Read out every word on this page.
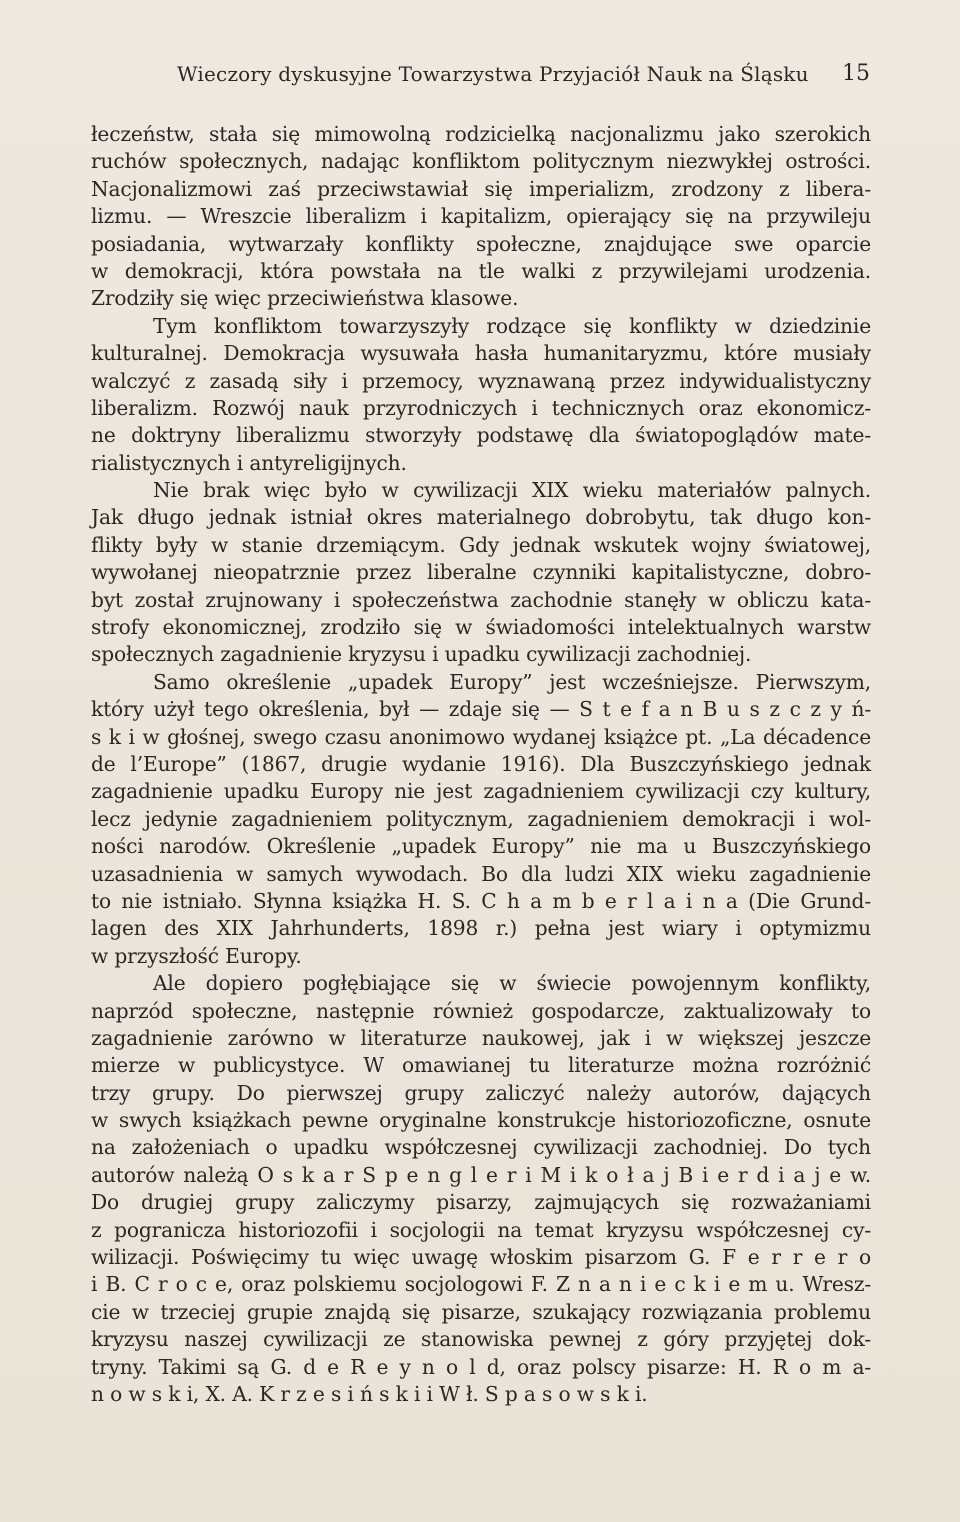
Wieczory dyskusyjne Towarzystwa Przyjaciół Nauk na Śląsku 15
łeczeństw, stała się mimowolną rodzicielką nacjonalizmu jako szerokich
ruchów społecznych, nadając konfliktom politycznym niezwykłej ostrości.
Nacjonalizmowi zaś przeciwstawiał się imperializm, zrodzony z libera-
lizmu. — Wreszcie liberalizm i kapitalizm, opierający się na przywileju
posiadania, wytwarzały konflikty społeczne, znajdujące swe oparcie
w demokracji, która powstała na tle walki z przywilejami urodzenia.
Zrodziły się więc przeciwieństwa klasowe.
Tym konfliktom towarzyszyły rodzące się konflikty w dziedzinie
kulturalnej. Demokracja wysuwała hasła humanitaryzmu, które musiały
walczyć z zasadą siły i przemocy, wyznawaną przez indywidualistyczny
liberalizm. Rozwój nauk przyrodniczych i technicznych oraz ekonomicz-
ne doktryny liberalizmu stworzyły podstawę dla światopoglądów mate-
rialistycznych i antyreligijnych.
Nie brak więc było w cywilizacji XIX wieku materiałów palnych.
Jak długo jednak istniał okres materialnego dobrobytu, tak długo kon-
flikty były w stanie drzemiącym. Gdy jednak wskutek wojny światowej,
wywołanej nieopatrznie przez liberalne czynniki kapitalistyczne, dobro-
byt został zrujnowany i społeczeństwa zachodnie stanęły w obliczu kata-
strofy ekonomicznej, zrodziło się w świadomości intelektualnych warstw
społecznych zagadnienie kryzysu i upadku cywilizacji zachodniej.
Samo określenie „upadek Europy” jest wcześniejsze. Pierwszym,
który użył tego określenia, był — zdaje się — S t e f a n B u s z c z y ń-
s k i w głośnej, swego czasu anonimowo wydanej książce pt. „La décadence
de l’Europe” (1867, drugie wydanie 1916). Dla Buszczyńskiego jednak
zagadnienie upadku Europy nie jest zagadnieniem cywilizacji czy kultury,
lecz jedynie zagadnieniem politycznym, zagadnieniem demokracji i wol-
ności narodów. Określenie „upadek Europy” nie ma u Buszczyńskiego
uzasadnienia w samych wywodach. Bo dla ludzi XIX wieku zagadnienie
to nie istniało. Słynna książka H. S. C h a m b e r l a i n a (Die Grund-
lagen des XIX Jahrhunderts, 1898 r.) pełna jest wiary i optymizmu
w przyszłość Europy.
Ale dopiero pogłębiające się w świecie powojennym konflikty,
naprzód społeczne, następnie również gospodarcze, zaktualizowały to
zagadnienie zarówno w literaturze naukowej, jak i w większej jeszcze
mierze w publicystyce. W omawianej tu literaturze można rozróżnić
trzy grupy. Do pierwszej grupy zaliczyć należy autorów, dających
w swych książkach pewne oryginalne konstrukcje historiozoficzne, osnute
na założeniach o upadku współczesnej cywilizacji zachodniej. Do tych
autorów należą O s k a r S p e n g l e r i M i k o ł a j B i e r d i a j e w.
Do drugiej grupy zaliczymy pisarzy, zajmujących się rozważaniami
z pogranicza historiozofii i socjologii na temat kryzysu współczesnej cy-
wilizacji. Poświęcimy tu więc uwagę włoskim pisarzom G. F e r r e r o
i B. C r o c e, oraz polskiemu socjologowi F. Z n a n i e c k i e m u. Wresz-
cie w trzeciej grupie znajdą się pisarze, szukający rozwiązania problemu
kryzysu naszej cywilizacji ze stanowiska pewnej z góry przyjętej dok-
tryny. Takimi są G. d e R e y n o l d, oraz polscy pisarze: H. R o m a-
n o w s k i, X. A. K r z e s i ń s k i i W ł. S p a s o w s k i.
